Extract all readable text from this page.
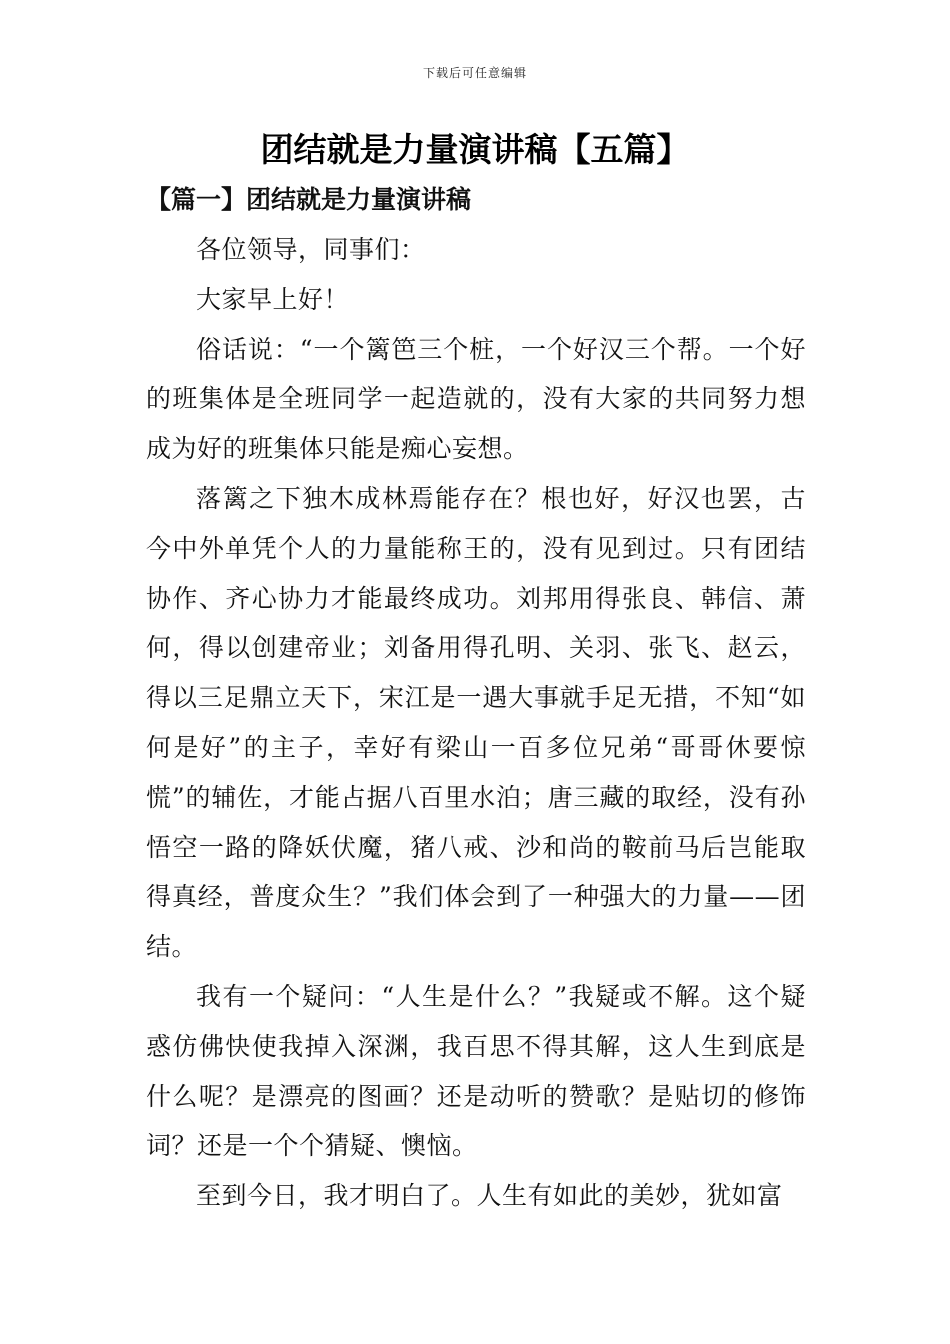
下载后可任意编辑
团结就是力量演讲稿【五篇】
【篇一】团结就是力量演讲稿

各位领导，同事们：

大家早上好！

俗话说：“一个篱笆三个桩，一个好汉三个帮。一个好的班集体是全班同学一起造就的，没有大家的共同努力想成为好的班集体只能是痴心妄想。

落篱之下独木成林焉能存在？根也好，好汉也罢，古今中外单凭个人的力量能称王的，没有见到过。只有团结协作、齐心协力才能最终成功。刘邦用得张良、韩信、萧何，得以创建帝业；刘备用得孔明、关羽、张飞、赵云，得以三足鼎立天下，宋江是一遇大事就手足无措，不知“如何是好”的主子，幸好有梁山一百多位兄弟“哥哥休要惊慌”的辅佐，才能占据八百里水泊；唐三藏的取经，没有孙悟空一路的降妖伏魔，猪八戒、沙和尚的鞍前马后岂能取得真经，普度众生？”我们体会到了一种强大的力量——团结。

我有一个疑问：“人生是什么？”我疑或不解。这个疑惑仿佛快使我掉入深渊，我百思不得其解，这人生到底是什么呢？是漂亮的图画？还是动听的赞歌？是贴切的修饰词？还是一个个猜疑、懊恼。

至到今日，我才明白了。人生有如此的美妙，犹如富
